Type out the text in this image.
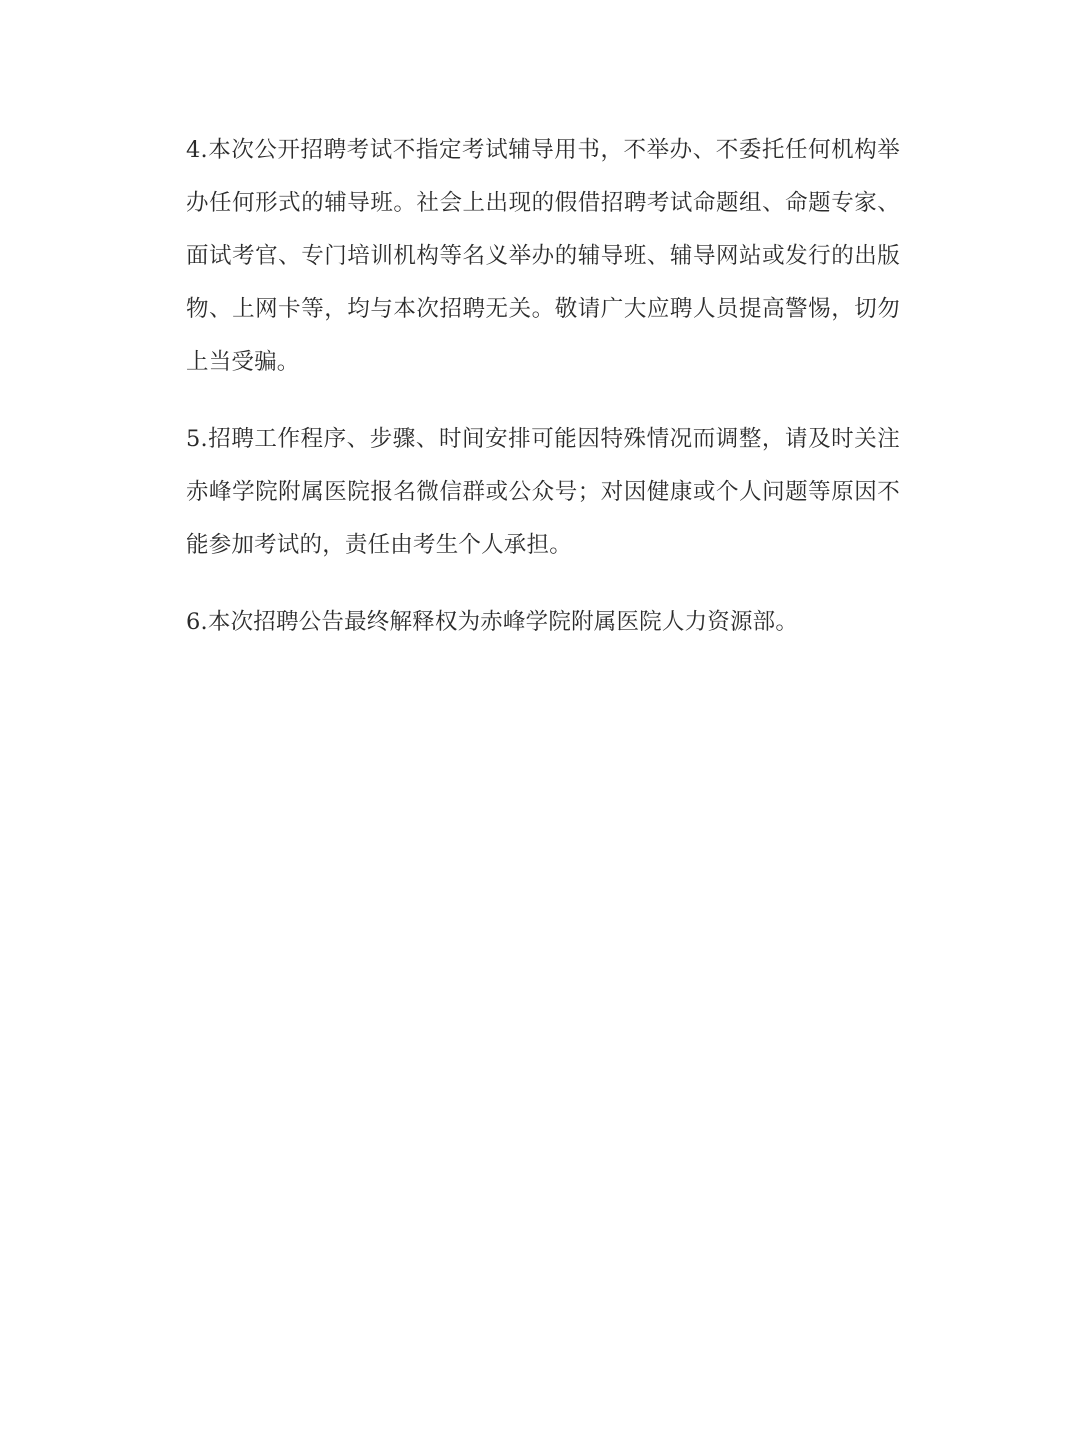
4.本次公开招聘考试不指定考试辅导用书，不举办、不委托任何机构举办任何形式的辅导班。社会上出现的假借招聘考试命题组、命题专家、面试考官、专门培训机构等名义举办的辅导班、辅导网站或发行的出版物、上网卡等，均与本次招聘无关。敬请广大应聘人员提高警惕，切勿上当受骗。

5.招聘工作程序、步骤、时间安排可能因特殊情况而调整，请及时关注赤峰学院附属医院报名微信群或公众号；对因健康或个人问题等原因不能参加考试的，责任由考生个人承担。

6.本次招聘公告最终解释权为赤峰学院附属医院人力资源部。
